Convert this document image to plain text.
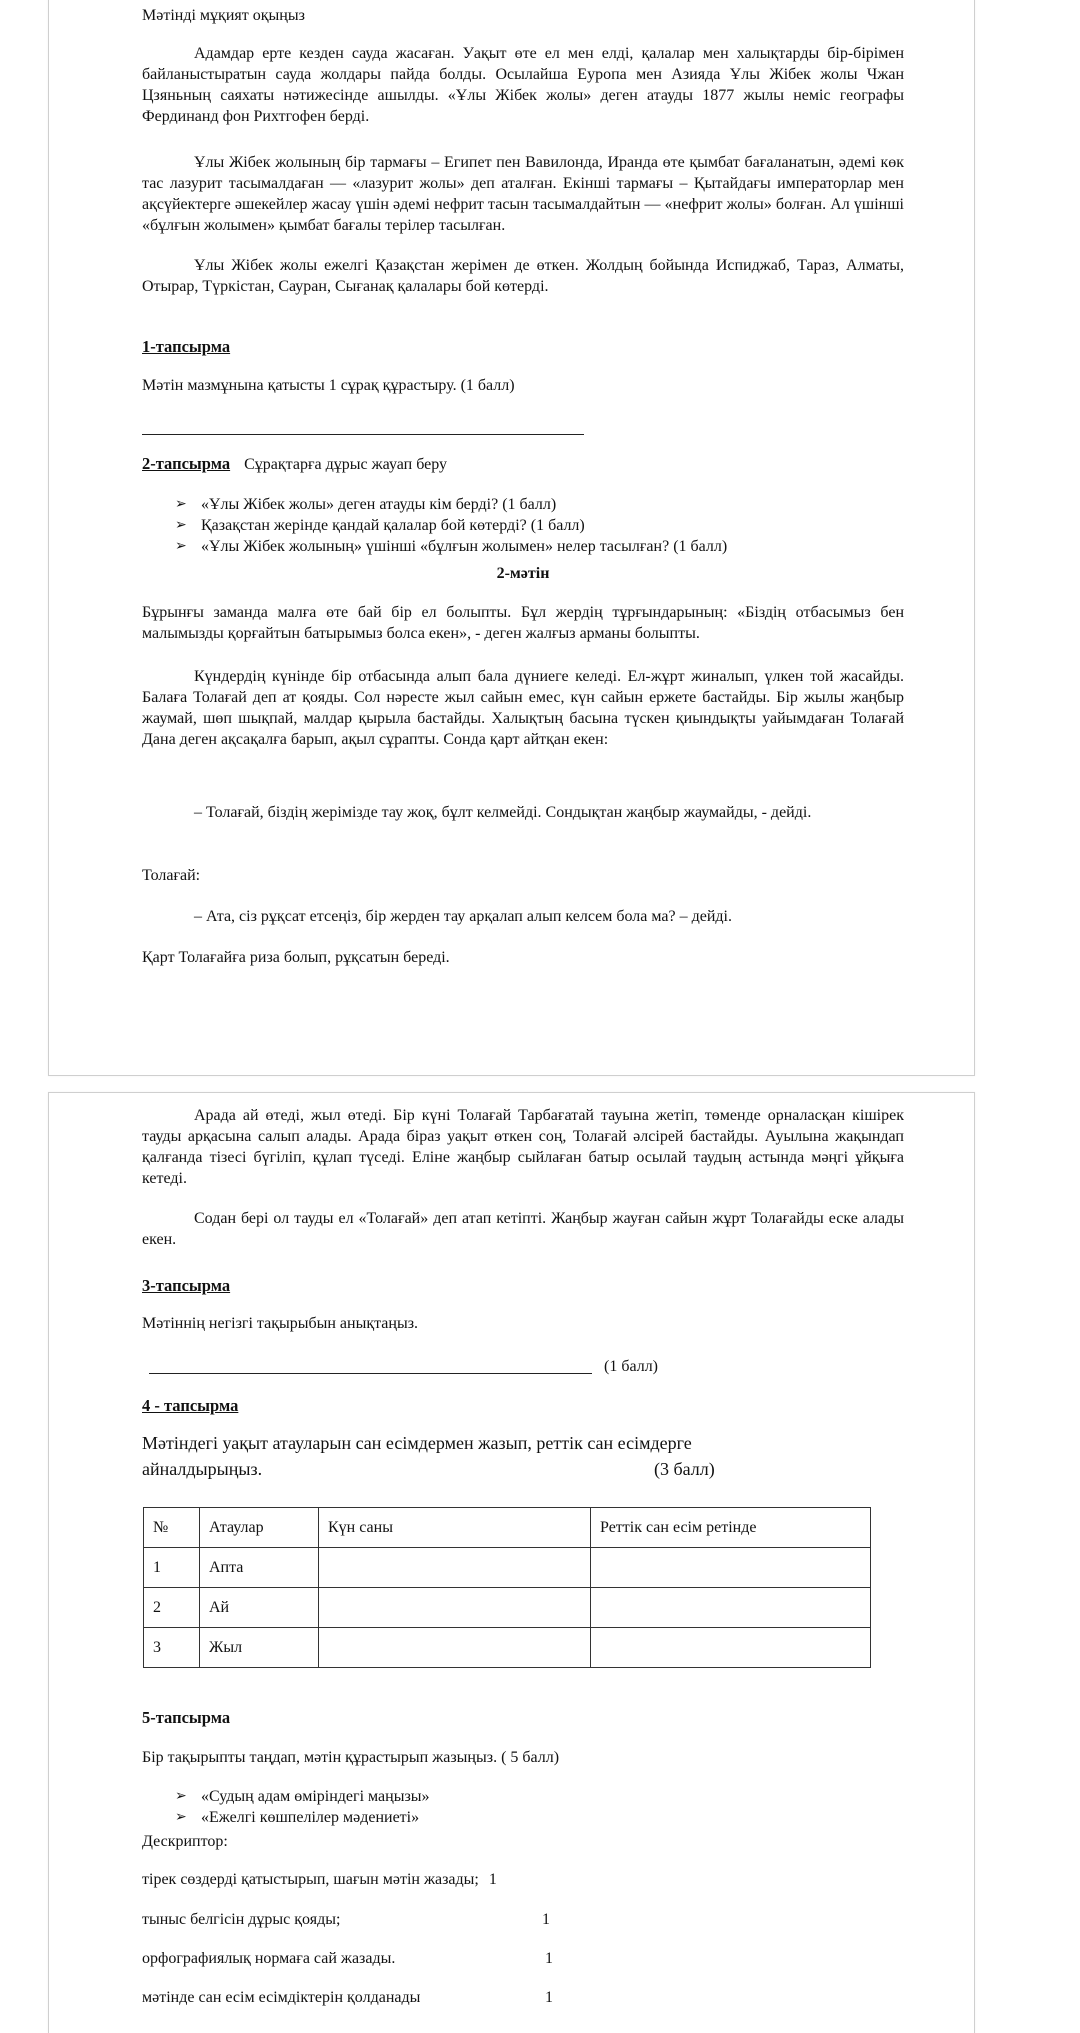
Мәтінді мұқият оқыңыз

Адамдар ерте кезден сауда жасаған. Уақыт өте ел мен елді, қалалар мен халықтарды бір-бірімен байланыстыратын сауда жолдары пайда болды. Осылайша Еуропа мен Азияда Ұлы Жібек жолы Чжан Цзяньның саяхаты нәтижесінде ашылды. «Ұлы Жібек жолы» деген атауды 1877 жылы неміс географы Фердинанд фон Рихтгофен берді.

Ұлы Жібек жолының бір тармағы – Египет пен Вавилонда, Иранда өте қымбат бағаланатын, әдемі көк тас лазурит тасымалдаған — «лазурит жолы» деп аталған. Екінші тармағы – Қытайдағы императорлар мен ақсүйектерге әшекейлер жасау үшін әдемі нефрит тасын тасымалдайтын — «нефрит жолы» болған. Ал үшінші «бұлғын жолымен» қымбат бағалы терілер тасылған.

Ұлы Жібек жолы ежелгі Қазақстан жерімен де өткен. Жолдың бойында Испиджаб, Тараз, Алматы, Отырар, Түркістан, Сауран, Сығанақ қалалары бой көтерді.

1-тапсырма

Мәтін мазмұнына қатысты 1 сұрақ құрастыру. (1 балл)

2-тапсырма Сұрақтарға дұрыс жауап беру
➢ «Ұлы Жібек жолы» деген атауды кім берді? (1 балл)
➢ Қазақстан жерінде қандай қалалар бой көтерді? (1 балл)
➢ «Ұлы Жібек жолының» үшінші «бұлғын жолымен» нелер тасылған? (1 балл)

2-мәтін

Бұрынғы заманда малға өте бай бір ел болыпты. Бұл жердің тұрғындарының: «Біздің отбасымыз бен малымызды қорғайтын батырымыз болса екен», - деген жалғыз арманы болыпты.

Күндердің күнінде бір отбасында алып бала дүниеге келеді. Ел-жұрт жиналып, үлкен той жасайды. Балаға Толағай деп ат қояды. Сол нәресте жыл сайын емес, күн сайын ержете бастайды. Бір жылы жаңбыр жаумай, шөп шықпай, малдар қырыла бастайды. Халықтың басына түскен қиындықты уайымдаған Толағай Дана деген ақсақалға барып, ақыл сұрапты. Сонда қарт айтқан екен:

– Толағай, біздің жерімізде тау жоқ, бұлт келмейді. Сондықтан жаңбыр жаумайды, - дейді.

Толағай:

– Ата, сіз рұқсат етсеңіз, бір жерден тау арқалап алып келсем бола ма? – дейді.

Қарт Толағайға риза болып, рұқсатын береді.

Арада ай өтеді, жыл өтеді. Бір күні Толағай Тарбағатай тауына жетіп, төменде орналасқан кішірек тауды арқасына салып алады. Арада біраз уақыт өткен соң, Толағай әлсірей бастайды. Ауылына жақындап қалғанда тізесі бүгіліп, құлап түседі. Еліне жаңбыр сыйлаған батыр осылай таудың астында мәңгі ұйқыға кетеді.

Содан бері ол тауды ел «Толағай» деп атап кетіпті. Жаңбыр жауған сайын жұрт Толағайды еске алады екен.

3-тапсырма

Мәтіннің негізгі тақырыбын анықтаңыз.

(1 балл)

4 - тапсырма

Мәтіндегі уақыт атауларын сан есімдермен жазып, реттік сан есімдерге

айналдырыңыз.	(3 балл)

№	Атаулар	Күн саны	Реттік сан есім ретінде
1	Апта		
2	Ай		
3	Жыл		

5-тапсырма

Бір тақырыпты таңдап, мәтін құрастырып жазыңыз. ( 5 балл)

➢ «Судың адам өміріндегі маңызы»
➢ «Ежелгі көшпелілер мәдениеті»

Дескриптор:

тірек сөздерді қатыстырып, шағын мәтін жазады; 1
тыныс белгісін дұрыс қояды;	1
орфографиялық нормаға сай жазады.	1
мәтінде сан есім есімдіктерін қолданады	1
